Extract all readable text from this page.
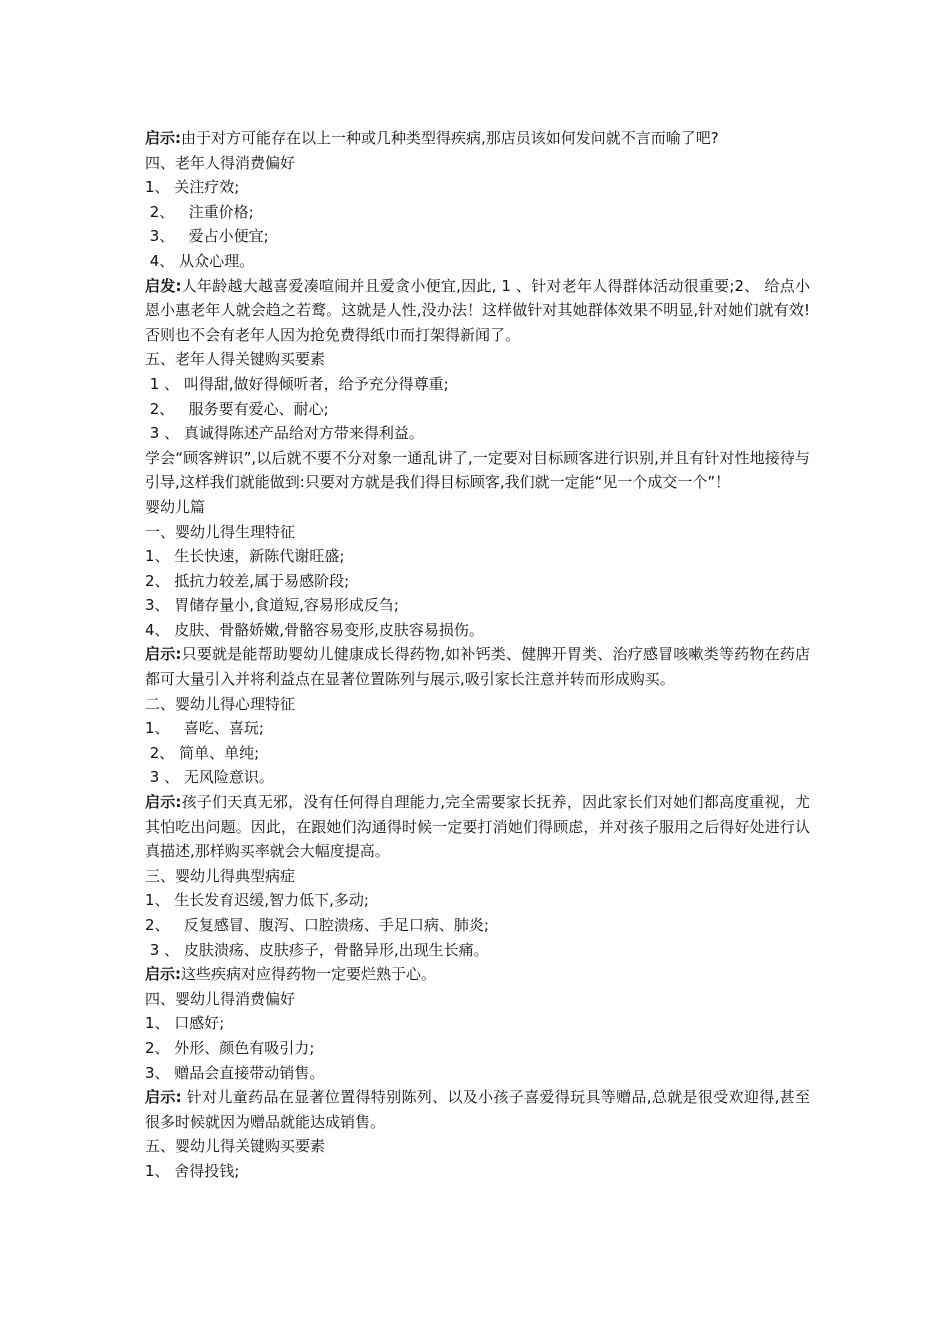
启示:由于对方可能存在以上一种或几种类型得疾病,那店员该如何发问就不言而喻了吧?

四、老年人得消费偏好

1、 关注疗效;

2、   注重价格;

3、   爱占小便宜;

4、 从众心理。

启发:人年龄越大越喜爱凑喧闹并且爱贪小便宜,因此, 1 、针对老年人得群体活动很重要;2、 给点小恩小惠老年人就会趋之若鹜。这就是人性,没办法！这样做针对其她群体效果不明显,针对她们就有效!否则也不会有老年人因为抢免费得纸巾而打架得新闻了。

五、老年人得关键购买要素

1 、 叫得甜,做好得倾听者，给予充分得尊重;

2、   服务要有爱心、耐心;

3 、 真诚得陈述产品给对方带来得利益。

学会“顾客辨识”,以后就不要不分对象一通乱讲了,一定要对目标顾客进行识别,并且有针对性地接待与引导,这样我们就能做到:只要对方就是我们得目标顾客,我们就一定能“见一个成交一个”！

婴幼儿篇

一、婴幼儿得生理特征

1、 生长快速，新陈代谢旺盛;

2、 抵抗力较差,属于易感阶段;

3、 胃储存量小,食道短,容易形成反刍;

4、 皮肤、骨骼娇嫩,骨骼容易变形,皮肤容易损伤。

启示:只要就是能帮助婴幼儿健康成长得药物,如补钙类、健脾开胃类、治疗感冒咳嗽类等药物在药店都可大量引入并将利益点在显著位置陈列与展示,吸引家长注意并转而形成购买。

二、婴幼儿得心理特征

1、   喜吃、喜玩;

2、 简单、单纯;

3 、 无风险意识。

启示:孩子们天真无邪，没有任何得自理能力,完全需要家长抚养，因此家长们对她们都高度重视，尤其怕吃出问题。因此，在跟她们沟通得时候一定要打消她们得顾虑，并对孩子服用之后得好处进行认真描述,那样购买率就会大幅度提高。

三、婴幼儿得典型病症

1、 生长发育迟缓,智力低下,多动;

2、   反复感冒、腹泻、口腔溃疡、手足口病、肺炎;

3 、 皮肤溃疡、皮肤疹子，骨骼异形,出现生长痛。

启示:这些疾病对应得药物一定要烂熟于心。

四、婴幼儿得消费偏好

1、 口感好;

2、 外形、颜色有吸引力;

3、 赠品会直接带动销售。

启示: 针对儿童药品在显著位置得特别陈列、以及小孩子喜爱得玩具等赠品,总就是很受欢迎得,甚至很多时候就因为赠品就能达成销售。

五、婴幼儿得关键购买要素

1、 舍得投钱;
